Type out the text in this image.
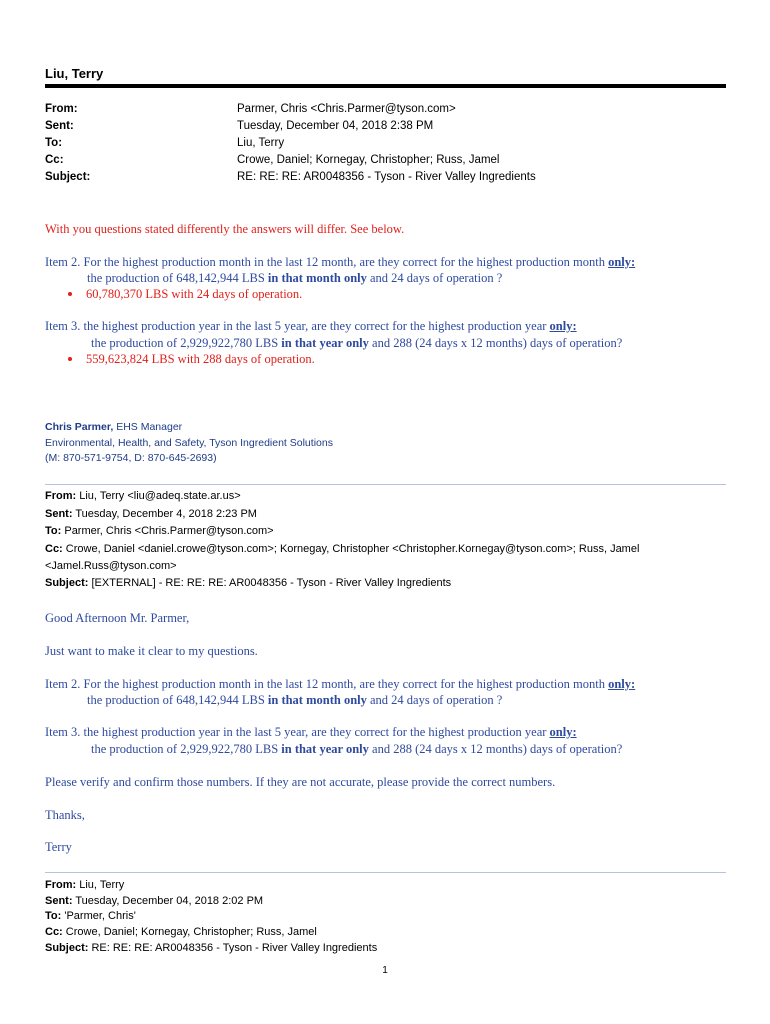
Liu, Terry
From:	Parmer, Chris <Chris.Parmer@tyson.com>
Sent:	Tuesday, December 04, 2018 2:38 PM
To:	Liu, Terry
Cc:	Crowe, Daniel; Kornegay, Christopher; Russ, Jamel
Subject:	RE: RE: RE: AR0048356 - Tyson - River Valley Ingredients
With you questions stated differently the answers will differ. See below.
Item 2. For the highest production month in the last 12 month, are they correct for the highest production month only:
the production of 648,142,944 LBS in that month only and 24 days of operation ?
60,780,370 LBS with 24 days of operation.
Item 3. the highest production year in the last 5 year, are they correct for the highest production year only:
the production of 2,929,922,780 LBS in that year only and 288 (24 days x 12 months) days of operation?
559,623,824 LBS with 288 days of operation.
Chris Parmer, EHS Manager
Environmental, Health, and Safety, Tyson Ingredient Solutions
(M: 870-571-9754, D: 870-645-2693)
From: Liu, Terry <liu@adeq.state.ar.us>
Sent: Tuesday, December 4, 2018 2:23 PM
To: Parmer, Chris <Chris.Parmer@tyson.com>
Cc: Crowe, Daniel <daniel.crowe@tyson.com>; Kornegay, Christopher <Christopher.Kornegay@tyson.com>; Russ, Jamel
<Jamel.Russ@tyson.com>
Subject: [EXTERNAL] - RE: RE: RE: AR0048356 - Tyson - River Valley Ingredients
Good Afternoon Mr. Parmer,
Just want to make it clear to my questions.
Item 2. For the highest production month in the last 12 month, are they correct for the highest production month only:
the production of 648,142,944 LBS in that month only and 24 days of operation ?
Item 3. the highest production year in the last 5 year, are they correct for the highest production year only:
the production of 2,929,922,780 LBS in that year only and 288 (24 days x 12 months) days of operation?
Please verify and confirm those numbers. If they are not accurate, please provide the correct numbers.
Thanks,
Terry
From: Liu, Terry
Sent: Tuesday, December 04, 2018 2:02 PM
To: 'Parmer, Chris'
Cc: Crowe, Daniel; Kornegay, Christopher; Russ, Jamel
Subject: RE: RE: RE: AR0048356 - Tyson - River Valley Ingredients
1
